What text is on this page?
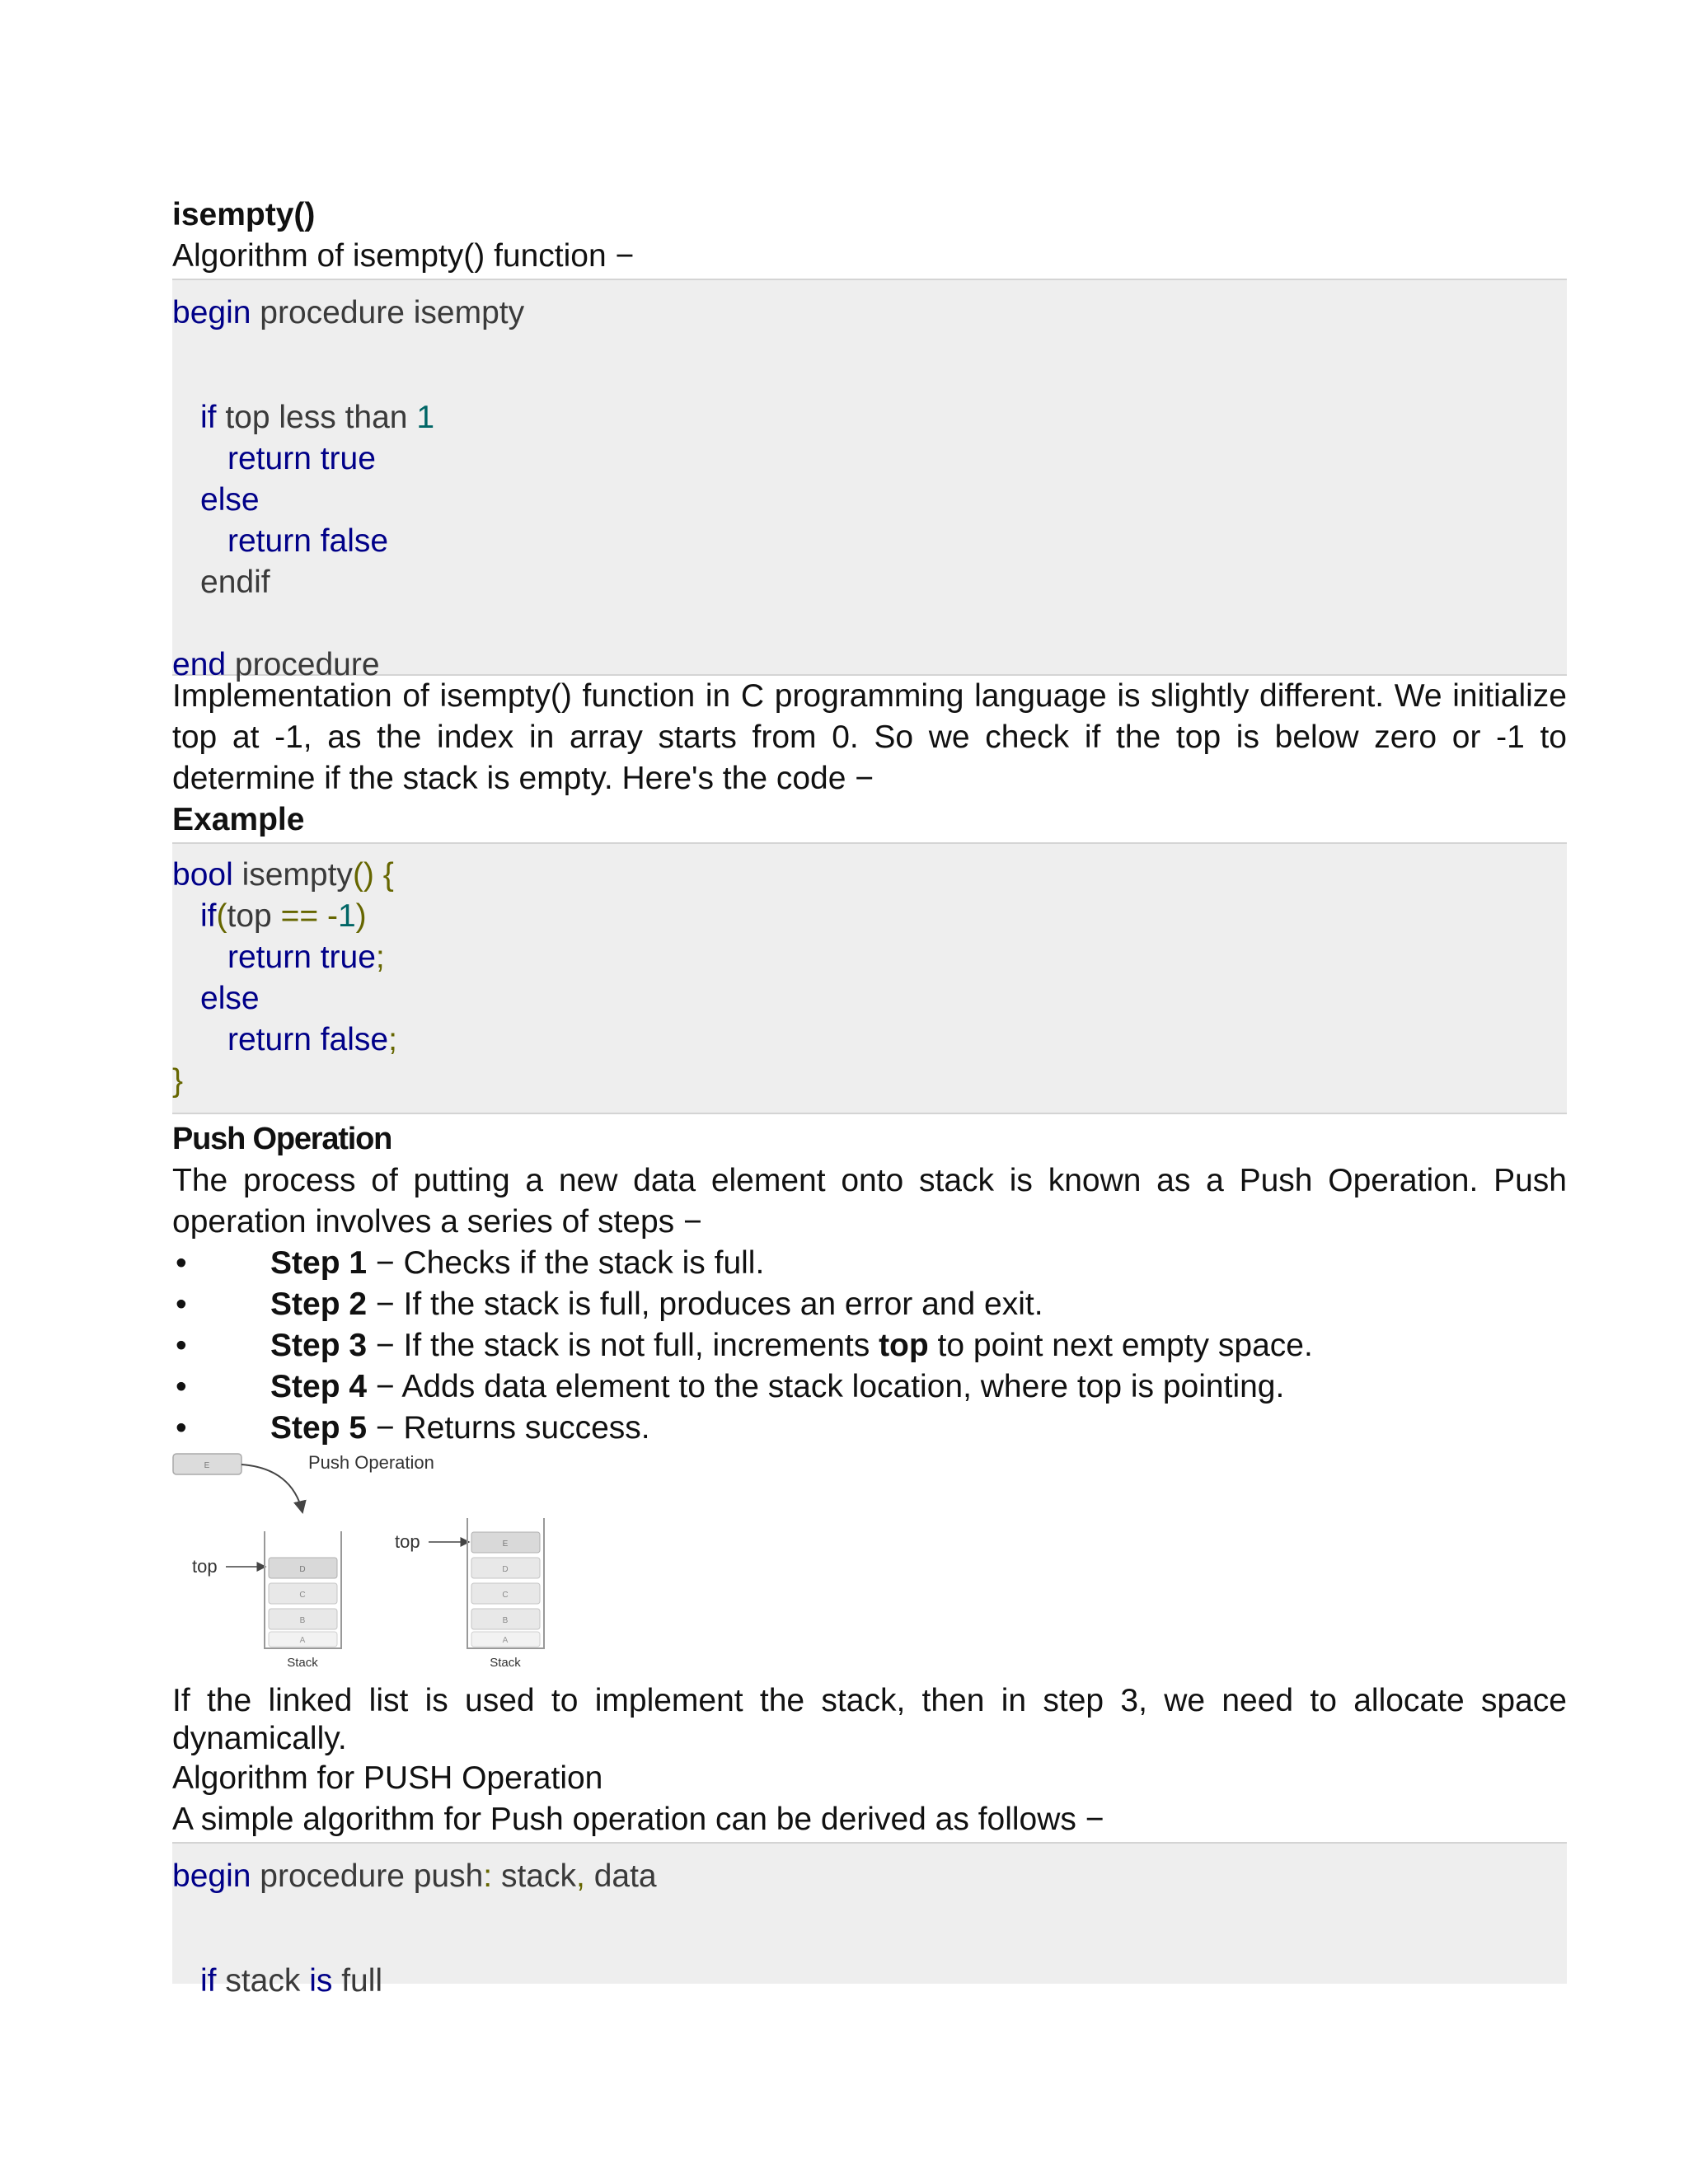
isempty()
Algorithm of isempty() function −
begin procedure isempty
if top less than 1
return true
else
return false
endif
end procedure
Implementation of isempty() function in C programming language is slightly different. We initialize top at -1, as the index in array starts from 0. So we check if the top is below zero or -1 to determine if the stack is empty. Here's the code −
Example
bool isempty() {
if(top == -1)
return true;
else
return false;
}
Push Operation
The process of putting a new data element onto stack is known as a Push Operation. Push operation involves a series of steps −
•	Step 1 − Checks if the stack is full.
•	Step 2 − If the stack is full, produces an error and exit.
•	Step 3 − If the stack is not full, increments top to point next empty space.
•	Step 4 − Adds data element to the stack location, where top is pointing.
•	Step 5 − Returns success.
E	Push Operation
top	D
C
B
A
Stack
top	E
D
C
B
A
Stack
If the linked list is used to implement the stack, then in step 3, we need to allocate space dynamically.
Algorithm for PUSH Operation
A simple algorithm for Push operation can be derived as follows −
begin procedure push: stack, data
if stack is full
